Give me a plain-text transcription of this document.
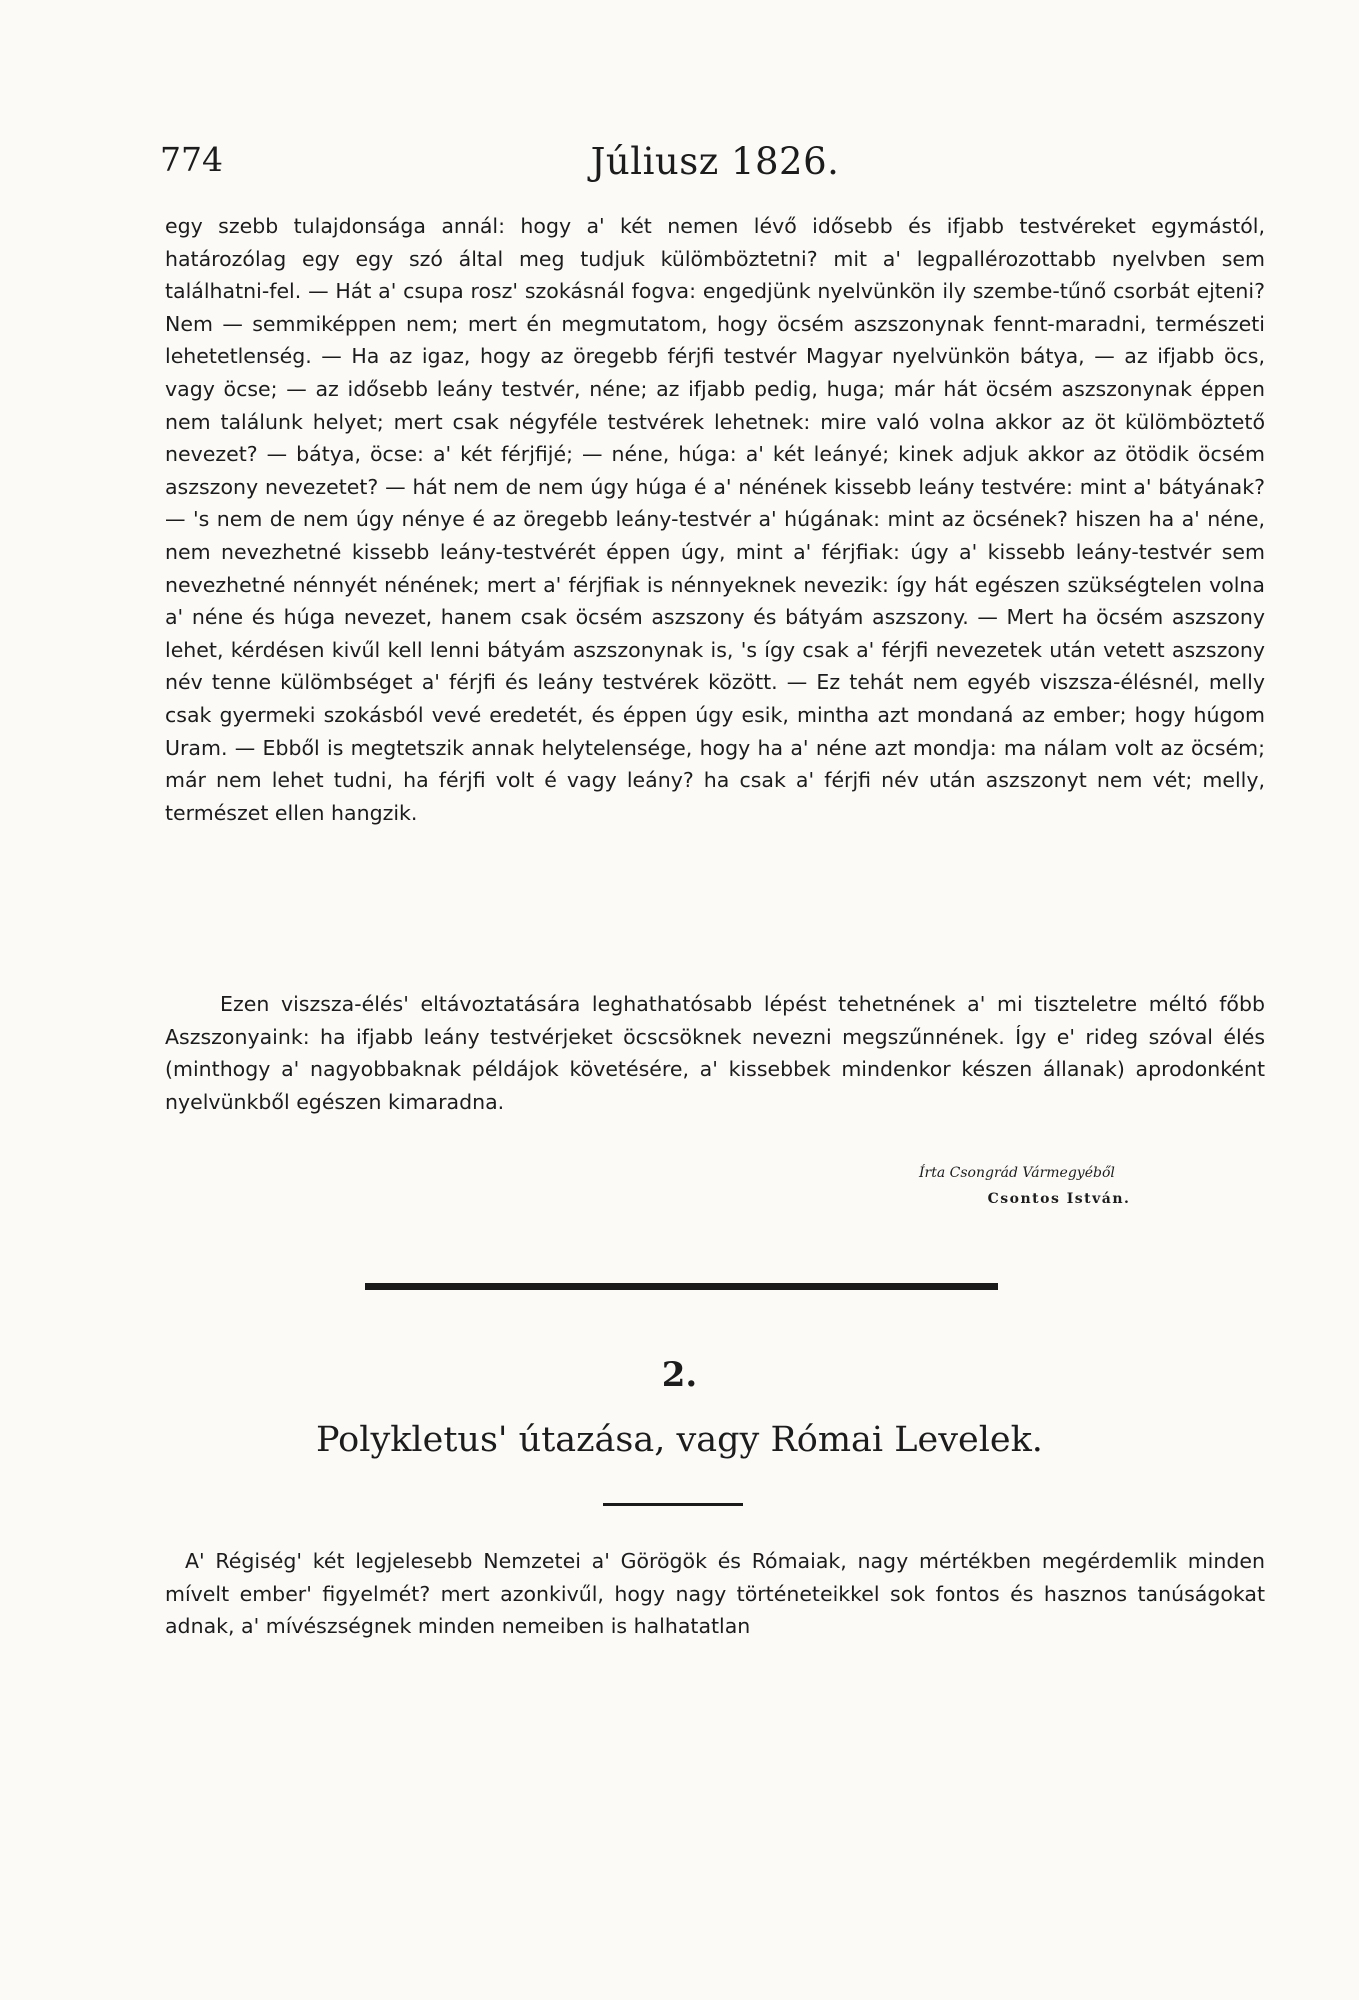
774	Júliusz 1826.

egy szebb tulajdonsága annál: hogy a' két nemen lévő idősebb és ifjabb testvéreket egymástól, határozólag egy egy szó által meg tudjuk külömböztetni? mit a' legpallérozottabb nyelvben sem találhatni-fel. — Hát a' csupa rosz' szokásnál fogva: engedjünk nyelvünkön ily szembe-tűnő csorbát ejteni? Nem — semmiképpen nem; mert én megmutatom, hogy öcsém aszszonynak fennt-maradni, természeti lehetetlenség. — Ha az igaz, hogy az öregebb férjfi testvér Magyar nyelvünkön bátya, — az ifjabb öcs, vagy öcse; — az idősebb leány testvér, néne; az ifjabb pedig, huga; már hát öcsém aszszonynak éppen nem találunk helyet; mert csak négyféle testvérek lehetnek: mire való volna akkor az öt külömböztető nevezet? — bátya, öcse: a' két férjfijé; — néne, húga: a' két leányé; kinek adjuk akkor az ötödik öcsém aszszony nevezetet? — hát nem de nem úgy húga é a' nénének kissebb leány testvére: mint a' bátyának? — 's nem de nem úgy nénye é az öregebb leány-testvér a' húgának: mint az öcsének? hiszen ha a' néne, nem nevezhetné kissebb leány-testvérét éppen úgy, mint a' férjfiak: úgy a' kissebb leány-testvér sem nevezhetné nénnyét nénének; mert a' férjfiak is nénnyeknek nevezik: így hát egészen szükségtelen volna a' néne és húga nevezet, hanem csak öcsém aszszony és bátyám aszszony. — Mert ha öcsém aszszony lehet, kérdésen kivűl kell lenni bátyám aszszonynak is, 's így csak a' férjfi nevezetek után vetett aszszony név tenne külömbséget a' férjfi és leány testvérek között. — Ez tehát nem egyéb viszsza-élésnél, melly csak gyermeki szokásból vevé eredetét, és éppen úgy esik, mintha azt mondaná az ember; hogy húgom Uram. — Ebből is megtetszik annak helytelensége, hogy ha a' néne azt mondja: ma nálam volt az öcsém; már nem lehet tudni, ha férjfi volt é vagy leány? ha csak a' férjfi név után aszszonyt nem vét; melly, természet ellen hangzik.

Ezen viszsza-élés' eltávoztatására leghathatósabb lépést tehetnének a' mi tiszteletre méltó főbb Aszszonyaink: ha ifjabb leány testvérjeket öcscsöknek nevezni megszűnnének. Így e' rideg szóval élés (minthogy a' nagyobbaknak példájok követésére, a' kissebbek mindenkor készen állanak) aprodonként nyelvünkből egészen kimaradna.

Írta Csongrád Vármegyéből
Csontos István.
2.
Polykletus' útazása, vagy Római Levelek.

A' Régiség' két legjelesebb Nemzetei a' Görögök és Rómaiak, nagy mértékben megérdemlik minden mívelt ember' figyelmét? mert azonkivűl, hogy nagy történeteikkel sok fontos és hasznos tanúságokat adnak, a' mívészségnek minden nemeiben is halhatatlan
